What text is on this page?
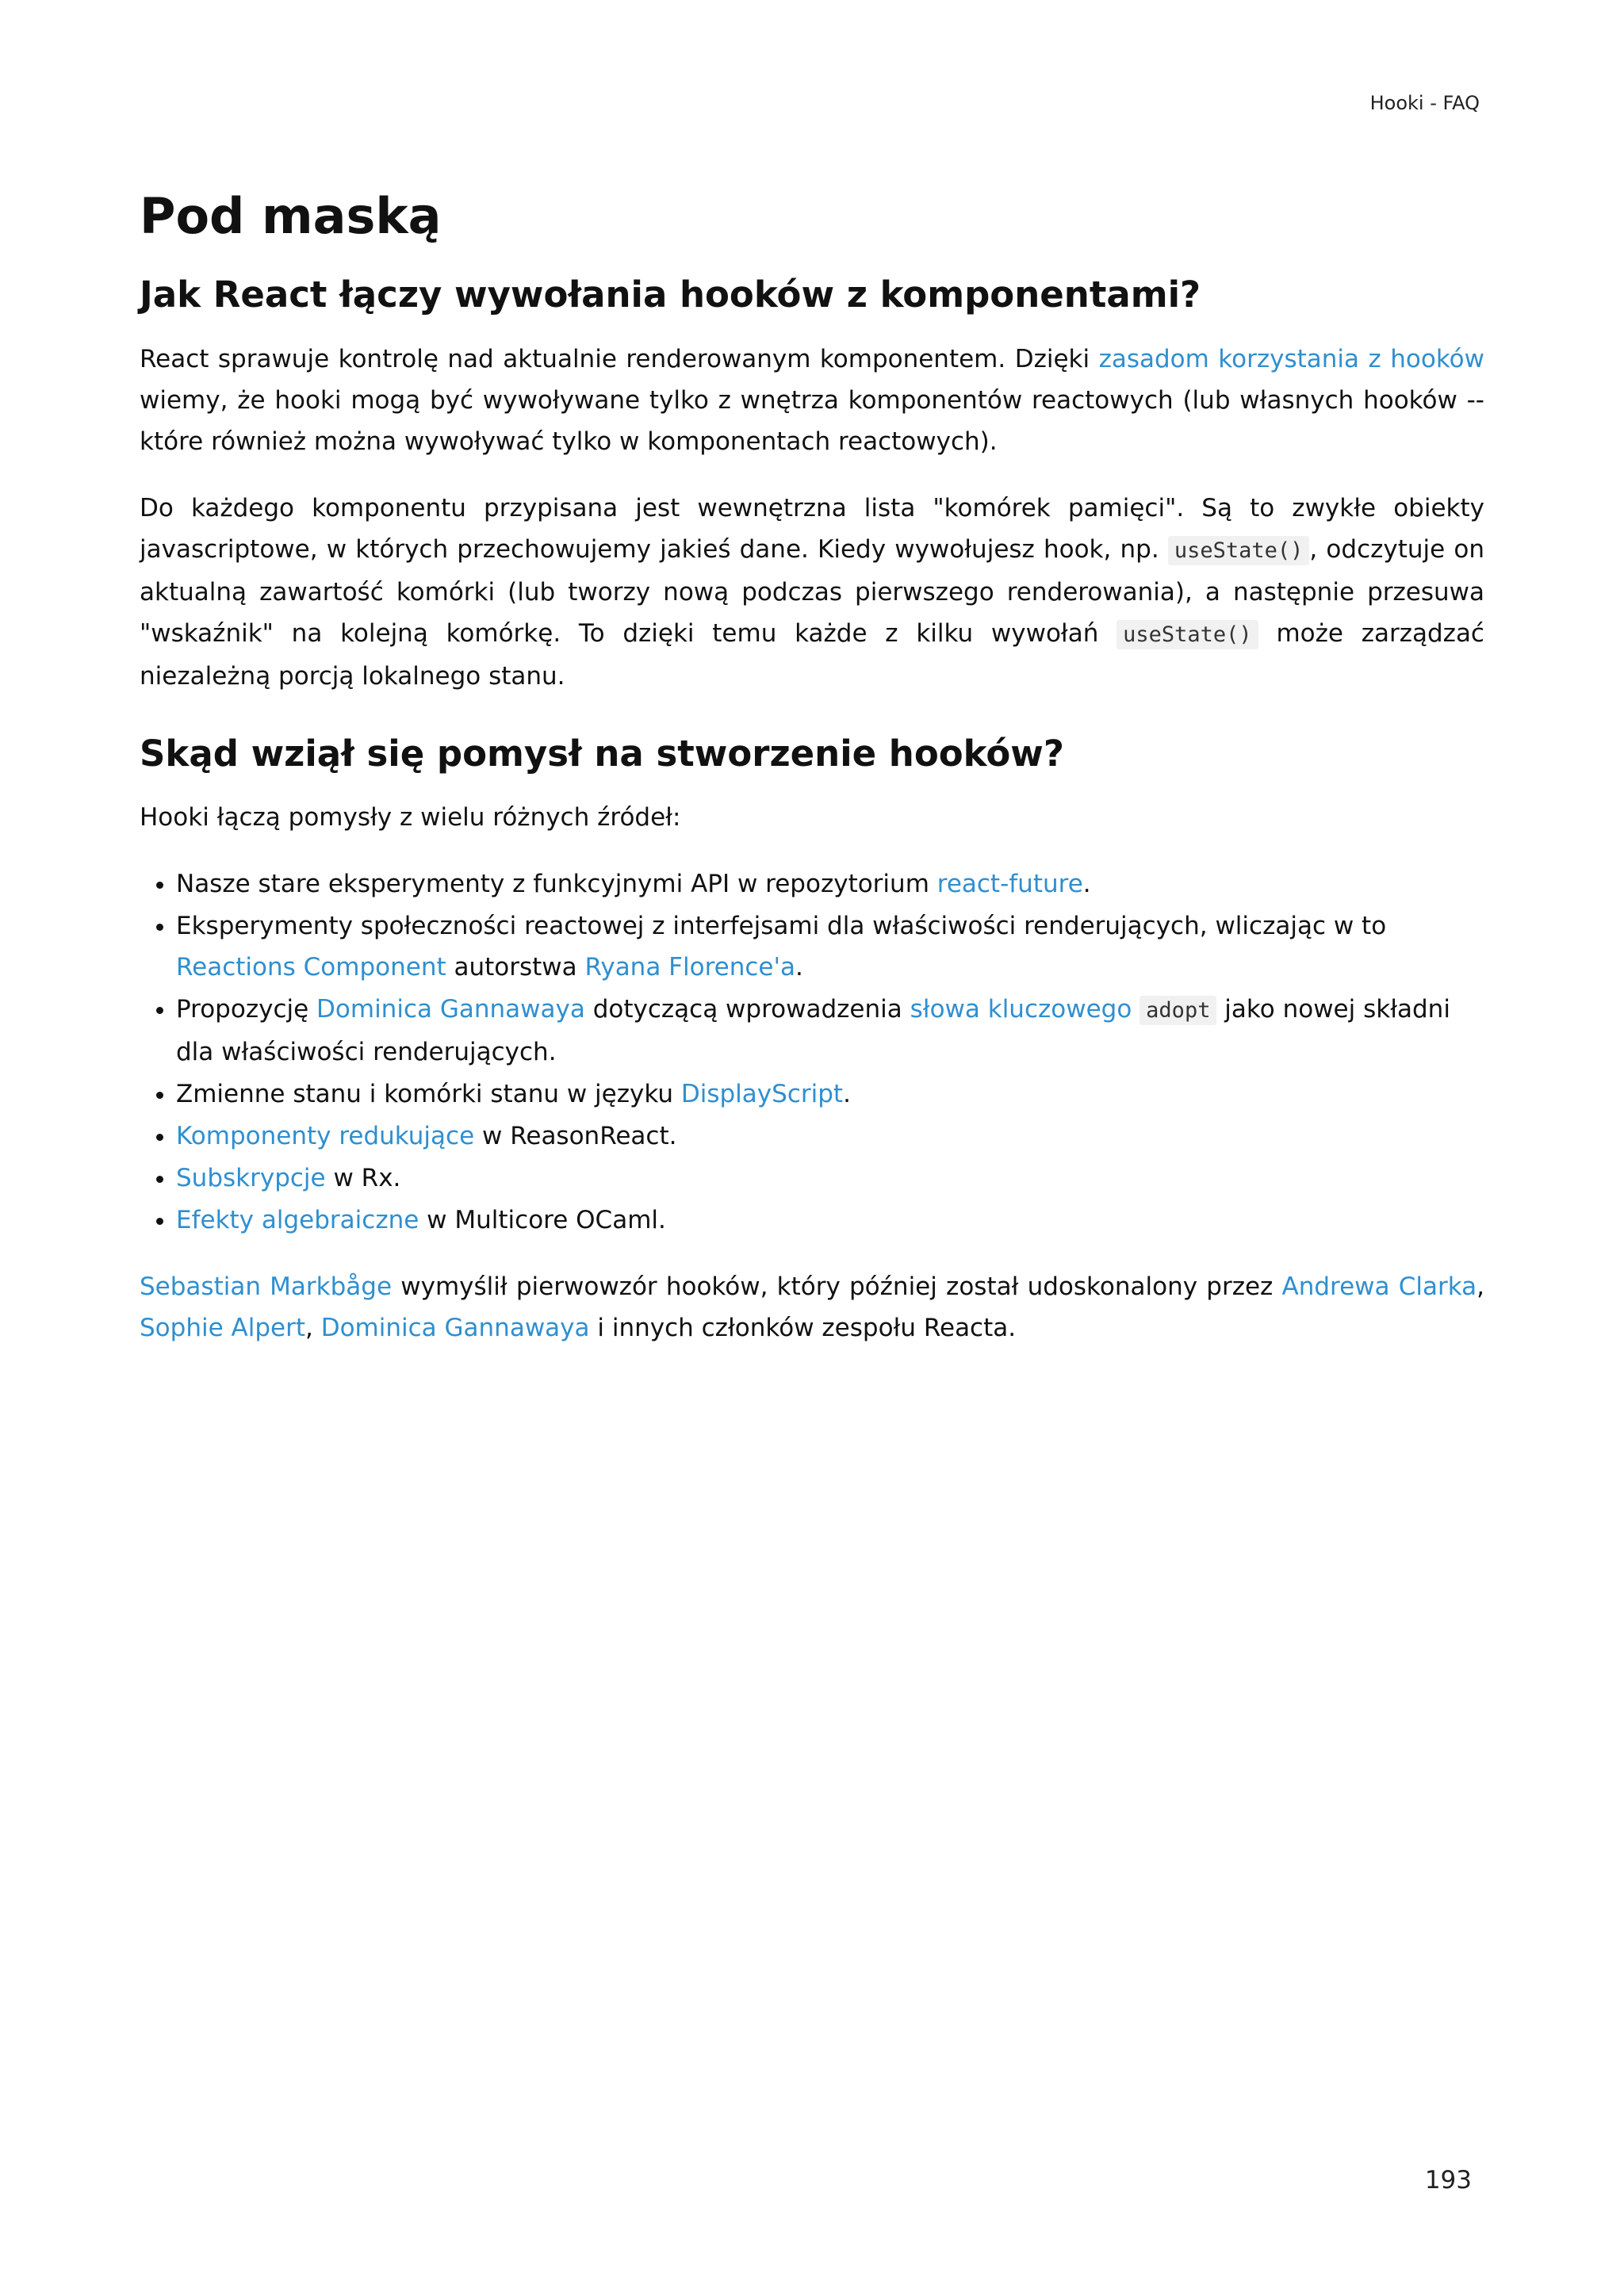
Hooki - FAQ
Pod maską
Jak React łączy wywołania hooków z komponentami?

React sprawuje kontrolę nad aktualnie renderowanym komponentem. Dzięki zasadom korzystania z hooków wiemy, że hooki mogą być wywoływane tylko z wnętrza komponentów reactowych (lub własnych hooków -- które również można wywoływać tylko w komponentach reactowych).

Do każdego komponentu przypisana jest wewnętrzna lista "komórek pamięci". Są to zwykłe obiekty javascriptowe, w których przechowujemy jakieś dane. Kiedy wywołujesz hook, np. useState() , odczytuje on aktualną zawartość komórki (lub tworzy nową podczas pierwszego renderowania), a następnie przesuwa "wskaźnik" na kolejną komórkę. To dzięki temu każde z kilku wywołań useState() może zarządzać niezależną porcją lokalnego stanu.

Skąd wziął się pomysł na stworzenie hooków?

Hooki łączą pomysły z wielu różnych źródeł:

• Nasze stare eksperymenty z funkcyjnymi API w repozytorium react-future.
• Eksperymenty społeczności reactowej z interfejsami dla właściwości renderujących, wliczając w to Reactions Component autorstwa Ryana Florence'a.
• Propozycję Dominica Gannawaya dotyczącą wprowadzenia słowa kluczowego adopt jako nowej składni dla właściwości renderujących.
• Zmienne stanu i komórki stanu w języku DisplayScript.
• Komponenty redukujące w ReasonReact.
• Subskrypcje w Rx.
• Efekty algebraiczne w Multicore OCaml.

Sebastian Markbåge wymyślił pierwowzór hooków, który później został udoskonalony przez Andrewa Clarka, Sophie Alpert, Dominica Gannawaya i innych członków zespołu Reacta.

193
